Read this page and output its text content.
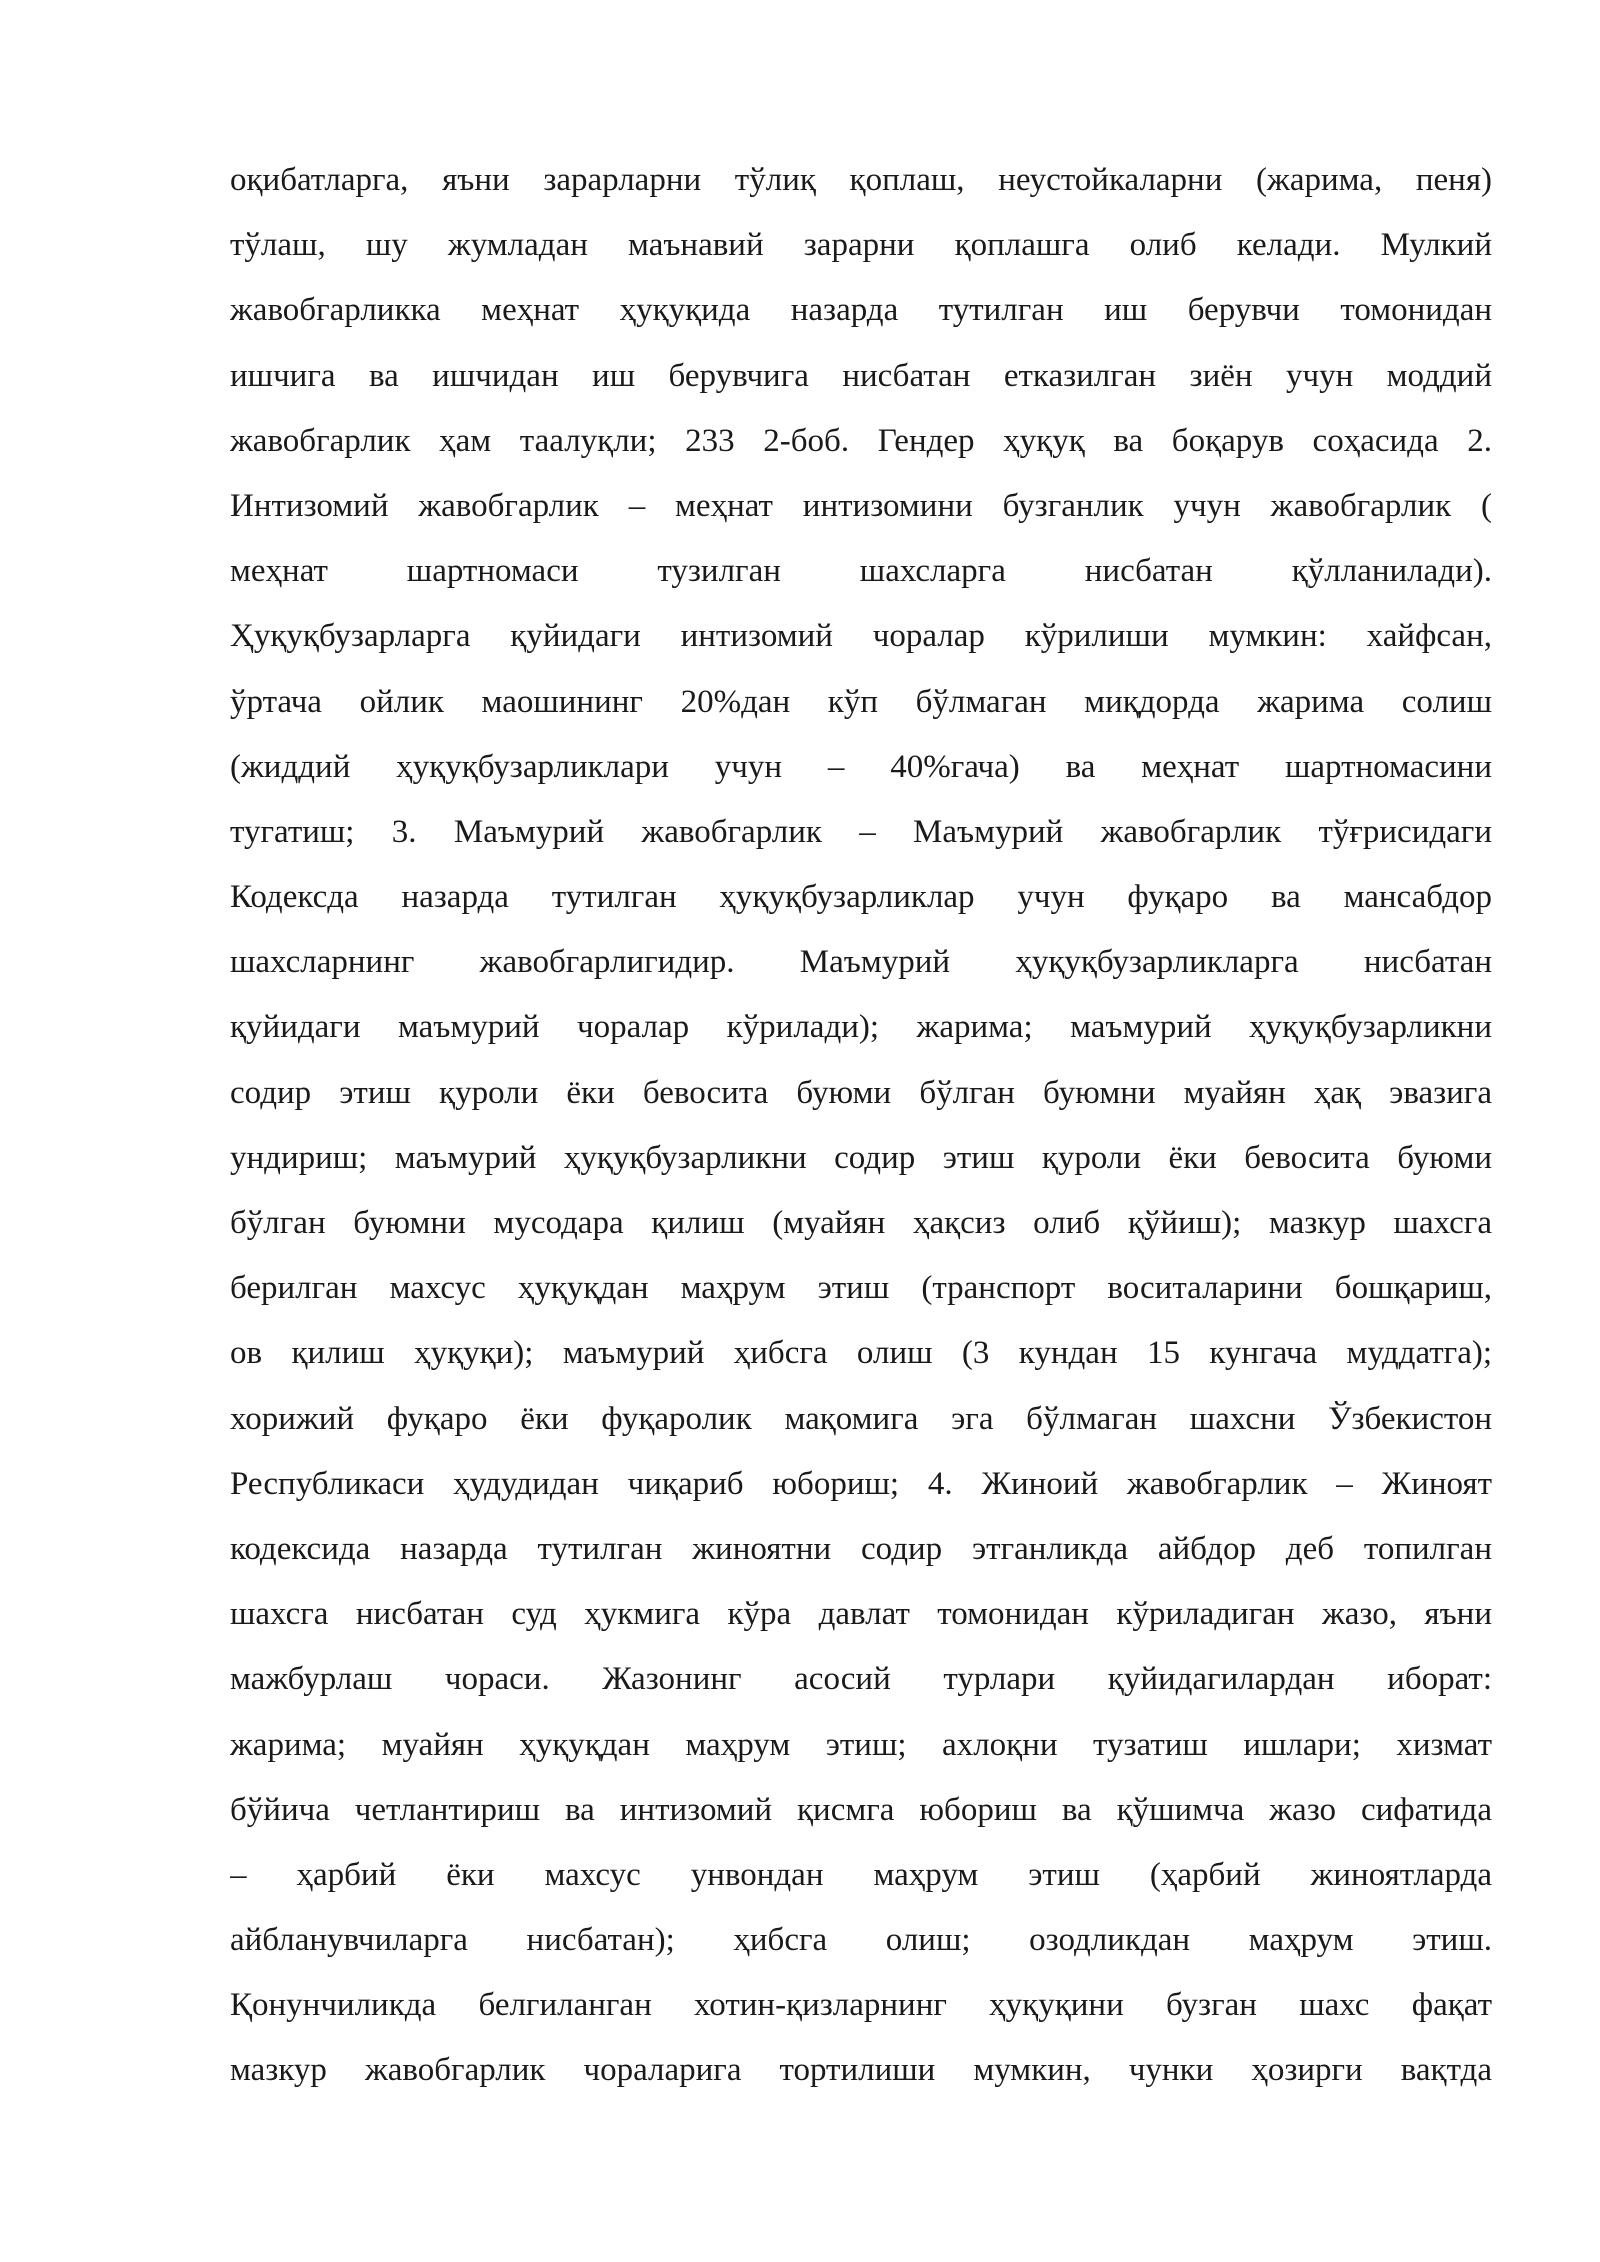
оқибатларга, яъни зарарларни тўлиқ қоплаш, неустойкаларни (жарима, пеня)
тўлаш, шу жумладан маънавий зарарни қоплашга олиб келади. Мулкий
жавобгарликка меҳнат ҳуқуқида назарда тутилган иш берувчи томонидан
ишчига ва ишчидан иш берувчига нисбатан етказилган зиён учун моддий
жавобгарлик ҳам таалуқли; 233 2-боб. Гендер ҳуқуқ ва боқарув соҳасида 2.
Интизомий жавобгарлик – меҳнат интизомини бузганлик учун жавобгарлик (
меҳнат шартномаси тузилган шахсларга нисбатан қўлланилади).
Ҳуқуқбузарларга қуйидаги интизомий чоралар кўрилиши мумкин: хайфсан,
ўртача ойлик маошининг 20%дан кўп бўлмаган миқдорда жарима солиш
(жиддий ҳуқуқбузарликлари учун – 40%гача) ва меҳнат шартномасини
тугатиш; 3. Маъмурий жавобгарлик – Маъмурий жавобгарлик тўғрисидаги
Кодексда назарда тутилган ҳуқуқбузарликлар учун фуқаро ва мансабдор
шахсларнинг жавобгарлигидир. Маъмурий ҳуқуқбузарликларга нисбатан
қуйидаги маъмурий чоралар кўрилади); жарима; маъмурий ҳуқуқбузарликни
содир этиш қуроли ёки бевосита буюми бўлган буюмни муайян ҳақ эвазига
ундириш; маъмурий ҳуқуқбузарликни содир этиш қуроли ёки бевосита буюми
бўлган буюмни мусодара қилиш (муайян ҳақсиз олиб қўйиш); мазкур шахсга
берилган махсус ҳуқуқдан маҳрум этиш (транспорт воситаларини бошқариш,
ов қилиш ҳуқуқи); маъмурий ҳибсга олиш (3 кундан 15 кунгача муддатга);
хорижий фуқаро ёки фуқаролик мақомига эга бўлмаган шахсни Ўзбекистон
Республикаси ҳудудидан чиқариб юбориш; 4. Жиноий жавобгарлик – Жиноят
кодексида назарда тутилган жиноятни содир этганликда айбдор деб топилган
шахсга нисбатан суд ҳукмига кўра давлат томонидан кўриладиган жазо, яъни
мажбурлаш чораси. Жазонинг асосий турлари қуйидагилардан иборат:
жарима; муайян ҳуқуқдан маҳрум этиш; ахлоқни тузатиш ишлари; хизмат
бўйича четлантириш ва интизомий қисмга юбориш ва қўшимча жазо сифатида
– ҳарбий ёки махсус унвондан маҳрум этиш (ҳарбий жиноятларда
айбланувчиларга нисбатан); ҳибсга олиш; озодликдан маҳрум этиш.
Қонунчиликда белгиланган хотин-қизларнинг ҳуқуқини бузган шахс фақат
мазкур жавобгарлик чораларига тортилиши мумкин, чунки ҳозирги вақтда
